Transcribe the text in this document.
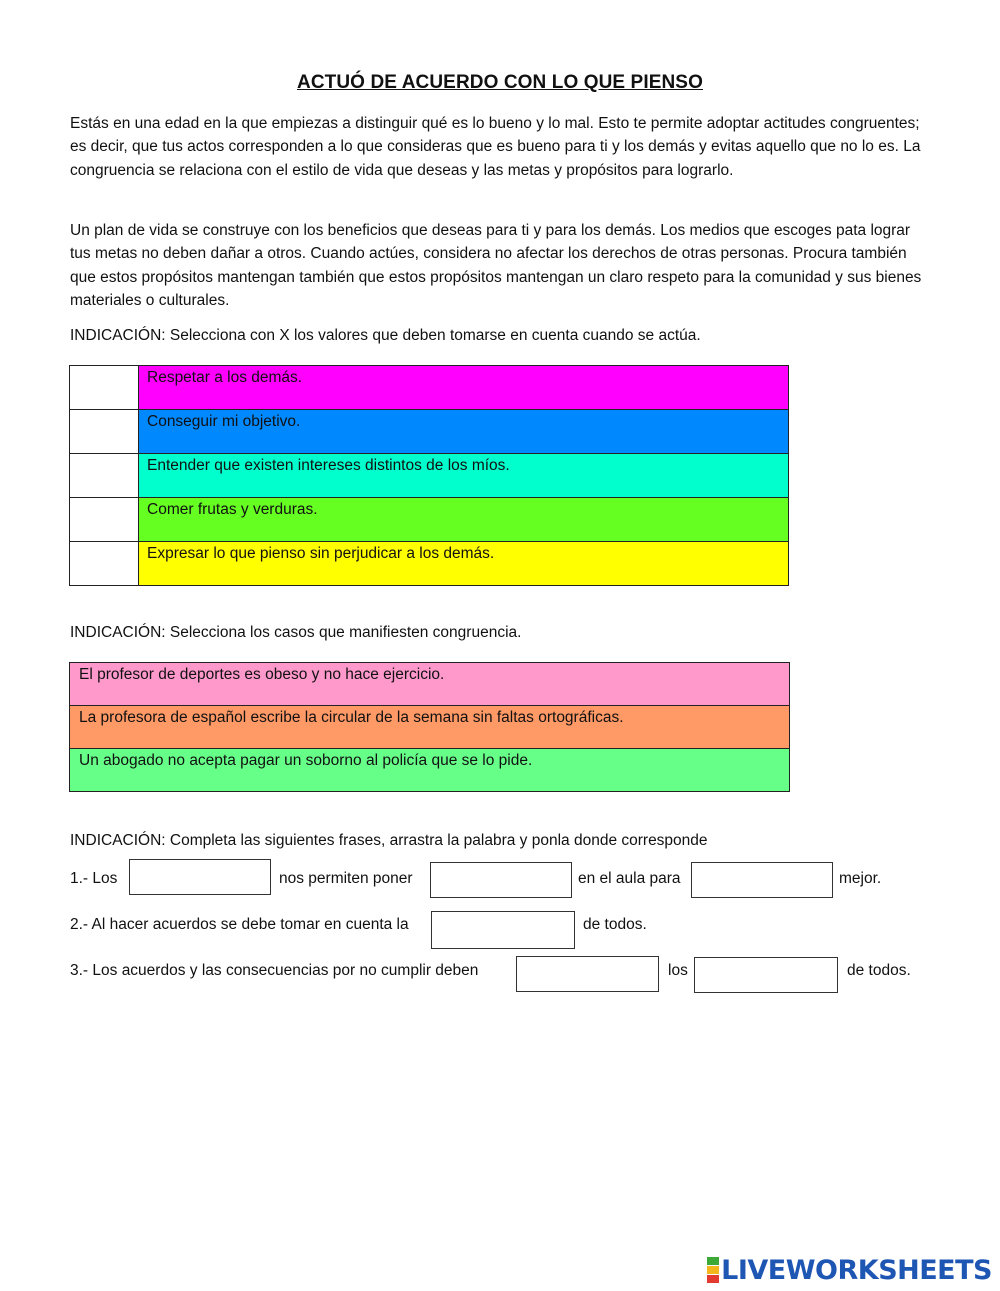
ACTUÓ DE ACUERDO CON LO QUE PIENSO

Estás en una edad en la que empiezas a distinguir qué es lo bueno y lo mal. Esto te permite adoptar actitudes congruentes; es decir, que tus actos corresponden a lo que consideras que es bueno para ti y los demás y evitas aquello que no lo es. La congruencia se relaciona con el estilo de vida que deseas y las metas y propósitos para lograrlo.

Un plan de vida se construye con los beneficios que deseas para ti y para los demás. Los medios que escoges pata lograr tus metas no deben dañar a otros. Cuando actúes, considera no afectar los derechos de otras personas. Procura también que estos propósitos mantengan también que estos propósitos mantengan un claro respeto para la comunidad y sus bienes materiales o culturales.

INDICACIÓN: Selecciona con X los valores que deben tomarse en cuenta cuando se actúa.

	Respetar a los demás.
	Conseguir mi objetivo.
	Entender que existen intereses distintos de los míos.
	Comer frutas y verduras.
	Expresar lo que pienso sin perjudicar a los demás.

INDICACIÓN: Selecciona los casos que manifiesten congruencia.

El profesor de deportes es obeso y no hace ejercicio.
La profesora de español escribe la circular de la semana sin faltas ortográficas.
Un abogado no acepta pagar un soborno al policía que se lo pide.

INDICACIÓN: Completa las siguientes frases, arrastra la palabra y ponla donde corresponde

1.- Los	nos permiten poner	en el aula para	mejor.
2.- Al hacer acuerdos se debe tomar en cuenta la	de todos.
3.- Los acuerdos y las consecuencias por no cumplir deben	los	de todos.
LIVEWORKSHEETS
